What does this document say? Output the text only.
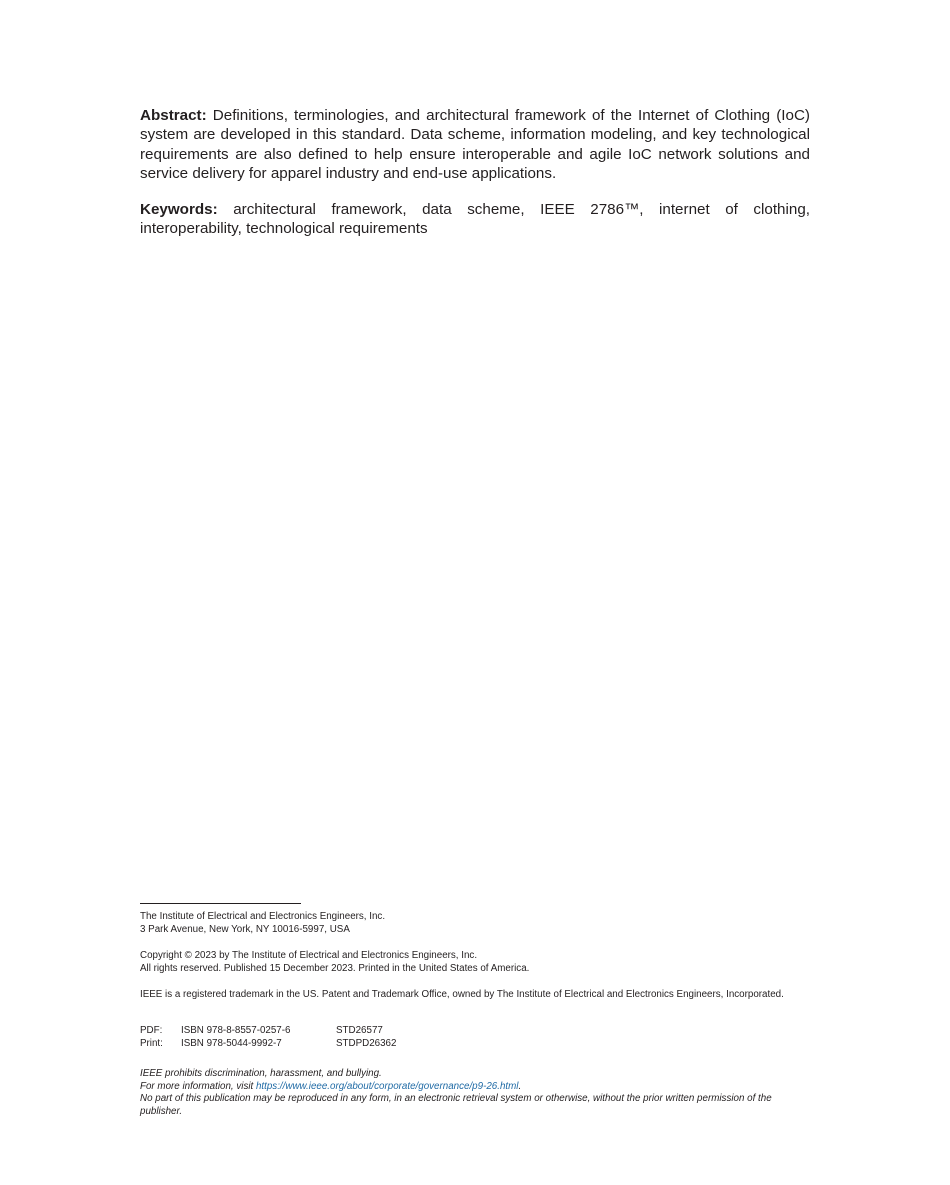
Abstract: Definitions, terminologies, and architectural framework of the Internet of Clothing (IoC) system are developed in this standard. Data scheme, information modeling, and key technological requirements are also defined to help ensure interoperable and agile IoC network solutions and service delivery for apparel industry and end-use applications.

Keywords: architectural framework, data scheme, IEEE 2786™, internet of clothing, interoperability, technological requirements

The Institute of Electrical and Electronics Engineers, Inc.

3 Park Avenue, New York, NY 10016-5997, USA

Copyright © 2023 by The Institute of Electrical and Electronics Engineers, Inc.

All rights reserved. Published 15 December 2023. Printed in the United States of America.

IEEE is a registered trademark in the US. Patent and Trademark Office, owned by The Institute of Electrical and Electronics Engineers, Incorporated.

PDF:	ISBN 978-8-8557-0257-6	STD26577
Print:	ISBN 978-5044-9992-7	STDPD26362

IEEE prohibits discrimination, harassment, and bullying.

For more information, visit https://www.ieee.org/about/corporate/governance/p9-26.html.

No part of this publication may be reproduced in any form, in an electronic retrieval system or otherwise, without the prior written permission of the publisher.
